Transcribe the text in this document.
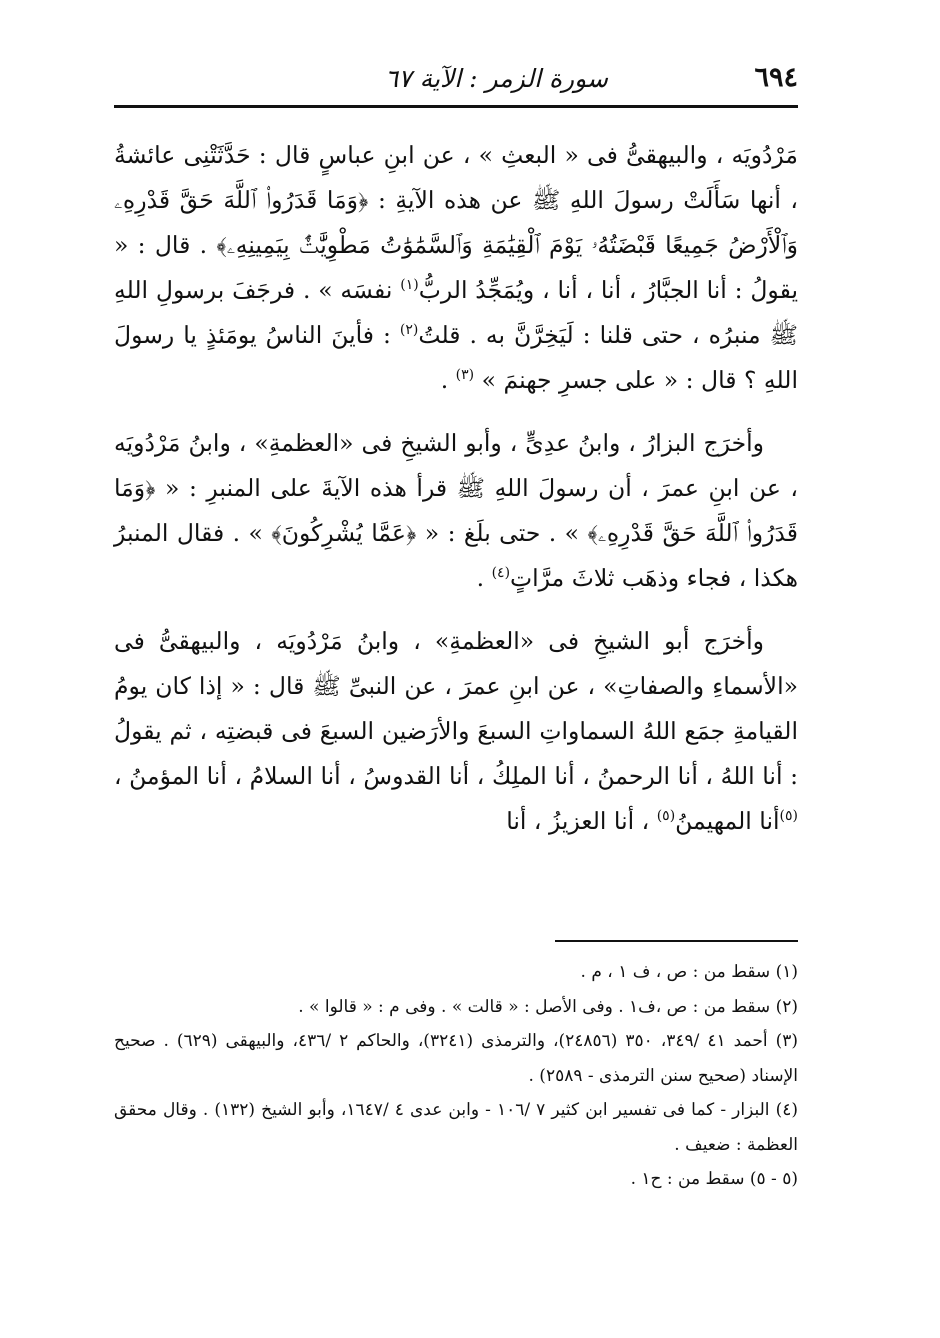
٦٩٤
سورة الزمر : الآية ٦٧

مَرْدُويَه ، والبيهقىُّ فى « البعثِ » ، عن ابنِ عباسٍ قال : حَدَّثَتْنِى عائشةُ ، أنها سَأَلَتْ رسولَ اللهِ ﷺ عن هذه الآيةِ : ﴿وَمَا قَدَرُوا۟ ٱللَّهَ حَقَّ قَدْرِهِۦ وَٱلْأَرْضُ جَمِيعًا قَبْضَتُهُۥ يَوْمَ ٱلْقِيَٰمَةِ وَٱلسَّمَٰوَٰتُ مَطْوِيَّٰتٌۢ بِيَمِينِهِۦ﴾ . قال : « يقولُ : أنا الجبَّارُ ، أنا ، أنا ، ويُمَجِّدُ الربُّ$^{(١)}$ نفسَه » . فرجَفَ برسولِ اللهِ ﷺ منبرُه ، حتى قلنا : لَيَخِرَّنَّ به . قلتُ$^{(٢)}$ : فأينَ الناسُ يومَئذٍ يا رسولَ اللهِ ؟ قال : « على جسرِ جهنمَ » $^{(٣)}$ .

وأخرَج البزارُ ، وابنُ عدِىٍّ ، وأبو الشيخِ فى «العظمةِ» ، وابنُ مَرْدُويَه ، عن ابنِ عمرَ ، أن رسولَ اللهِ ﷺ قرأ هذه الآيةَ على المنبرِ : « ﴿وَمَا قَدَرُوا۟ ٱللَّهَ حَقَّ قَدْرِهِۦ﴾ » . حتى بلَغ : « ﴿عَمَّا يُشْرِكُونَ﴾ » . فقال المنبرُ هكذا ، فجاء وذهَب ثلاثَ مرَّاتٍ$^{(٤)}$ .

وأخرَج أبو الشيخِ فى «العظمةِ» ، وابنُ مَرْدُويَه ، والبيهقىُّ فى «الأسماءِ والصفاتِ» ، عن ابنِ عمرَ ، عن النبىِّ ﷺ قال : « إذا كان يومُ القيامةِ جمَع اللهُ السماواتِ السبعَ والأرَضين السبعَ فى قبضتِه ، ثم يقولُ : أنا اللهُ ، أنا الرحمنُ ، أنا الملِكُ ، أنا القدوسُ ، أنا السلامُ ، أنا المؤمنُ ، $^{(٥)}$أنا المهيمنُ$^{(٥)}$ ، أنا العزيزُ ، أنا

(١) سقط من : ص ، ف ١ ، م .

(٢) سقط من : ص ،ف١ . وفى الأصل : « قالت » . وفى م : « قالوا » .

(٣) أحمد ٤١ /٣٤٩، ٣٥٠ (٢٤٨٥٦)، والترمذى (٣٢٤١)، والحاكم ٢ /٤٣٦، والبيهقى (٦٢٩) . صحيح الإسناد (صحيح سنن الترمذى - ٢٥٨٩) .

(٤) البزار - كما فى تفسير ابن كثير ٧ /١٠٦ - وابن عدى ٤ /١٦٤٧، وأبو الشيخ (١٣٢) . وقال محقق العظمة : ضعيف .

(٥ - ٥) سقط من : ح١ .
